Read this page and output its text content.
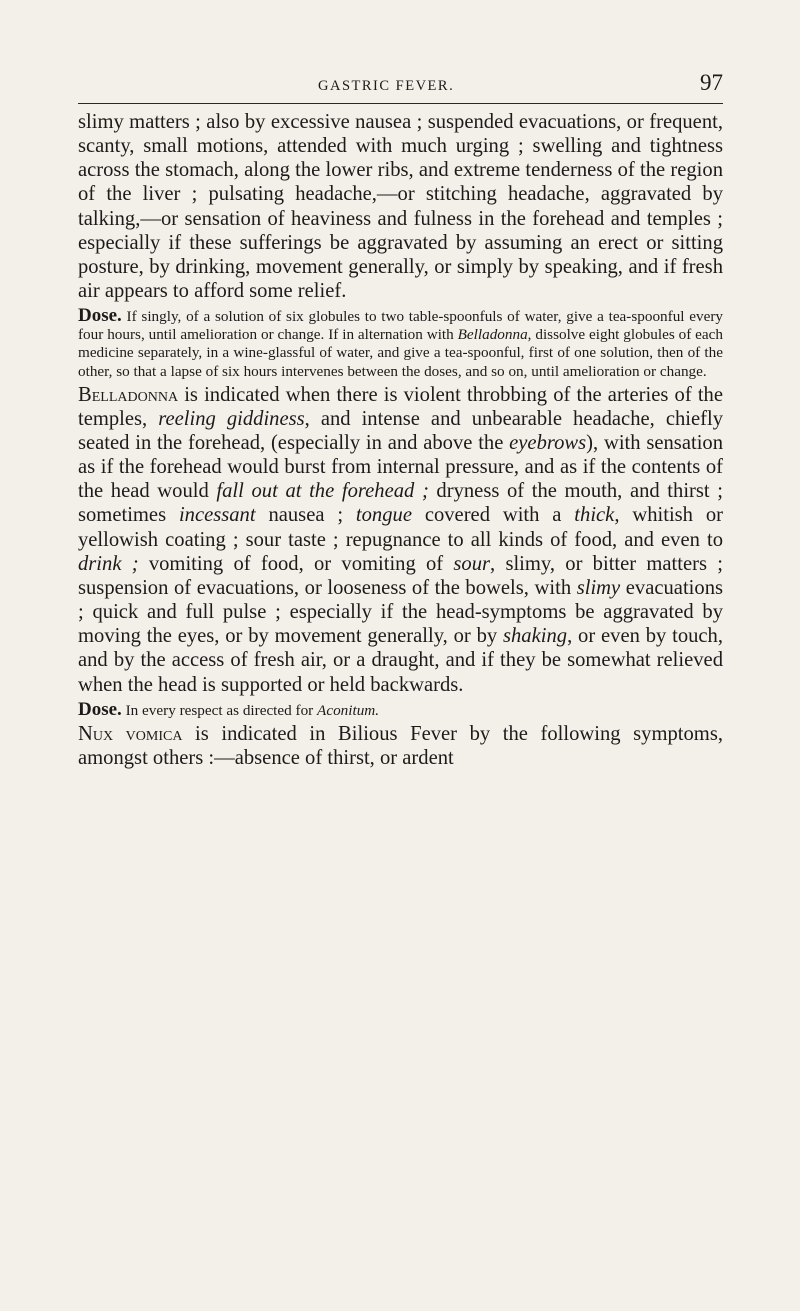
GASTRIC FEVER.	97

slimy matters ; also by excessive nausea ; suspended evacuations, or frequent, scanty, small motions, attended with much urging ; swelling and tightness across the stomach, along the lower ribs, and extreme tenderness of the region of the liver ; pulsating headache,—or stitching headache, aggravated by talking,—or sensation of heaviness and fulness in the forehead and temples ; especially if these sufferings be aggravated by assuming an erect or sitting posture, by drinking, movement generally, or simply by speaking, and if fresh air appears to afford some relief.

Dose. If singly, of a solution of six globules to two table-spoonfuls of water, give a tea-spoonful every four hours, until amelioration or change. If in alternation with Belladonna, dissolve eight globules of each medicine separately, in a wine-glassful of water, and give a tea-spoonful, first of one solution, then of the other, so that a lapse of six hours intervenes between the doses, and so on, until amelioration or change.

Belladonna is indicated when there is violent throbbing of the arteries of the temples, reeling giddiness, and intense and unbearable headache, chiefly seated in the forehead, (especially in and above the eyebrows), with sensation as if the forehead would burst from internal pressure, and as if the contents of the head would fall out at the forehead ; dryness of the mouth, and thirst ; sometimes incessant nausea ; tongue covered with a thick, whitish or yellowish coating ; sour taste ; repugnance to all kinds of food, and even to drink ; vomiting of food, or vomiting of sour, slimy, or bitter matters ; suspension of evacuations, or looseness of the bowels, with slimy evacuations ; quick and full pulse ; especially if the head-symptoms be aggravated by moving the eyes, or by movement generally, or by shaking, or even by touch, and by the access of fresh air, or a draught, and if they be somewhat relieved when the head is supported or held backwards.

Dose. In every respect as directed for Aconitum.

Nux vomica is indicated in Bilious Fever by the following symptoms, amongst others :—absence of thirst, or ardent
